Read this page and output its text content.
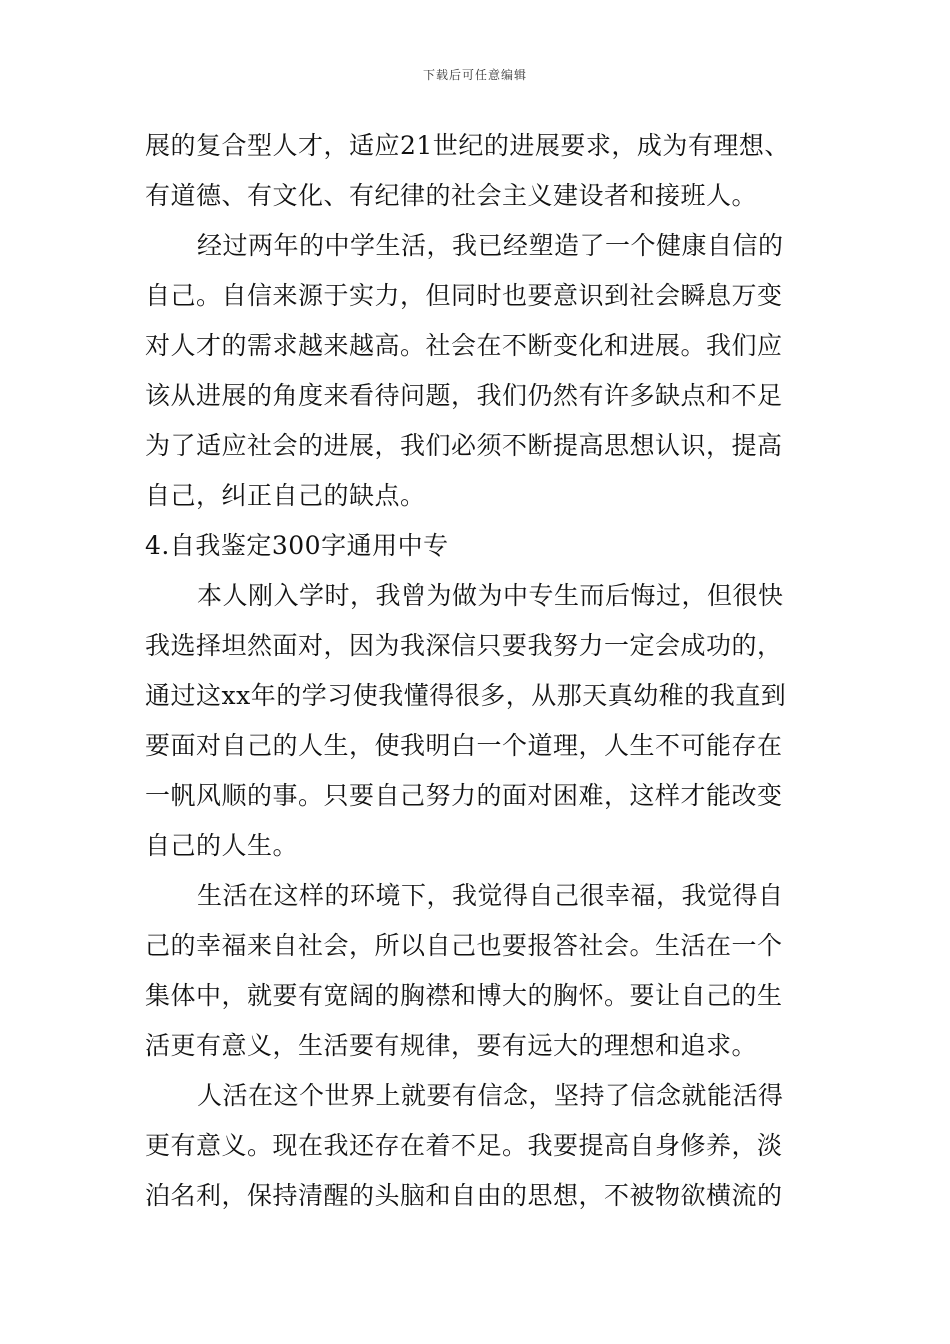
下载后可任意编辑
展的复合型人才，适应21世纪的进展要求，成为有理想、
有道德、有文化、有纪律的社会主义建设者和接班人。
经过两年的中学生活，我已经塑造了一个健康自信的
自己。自信来源于实力，但同时也要意识到社会瞬息万变
对人才的需求越来越高。社会在不断变化和进展。我们应
该从进展的角度来看待问题，我们仍然有许多缺点和不足
为了适应社会的进展，我们必须不断提高思想认识，提高
自己，纠正自己的缺点。
4.自我鉴定300字通用中专
本人刚入学时，我曾为做为中专生而后悔过，但很快
我选择坦然面对，因为我深信只要我努力一定会成功的，
通过这xx年的学习使我懂得很多，从那天真幼稚的我直到
要面对自己的人生，使我明白一个道理，人生不可能存在
一帆风顺的事。只要自己努力的面对困难，这样才能改变
自己的人生。
生活在这样的环境下，我觉得自己很幸福，我觉得自
己的幸福来自社会，所以自己也要报答社会。生活在一个
集体中，就要有宽阔的胸襟和博大的胸怀。要让自己的生
活更有意义，生活要有规律，要有远大的理想和追求。
人活在这个世界上就要有信念，坚持了信念就能活得
更有意义。现在我还存在着不足。我要提高自身修养，淡
泊名利，保持清醒的头脑和自由的思想，不被物欲横流的
